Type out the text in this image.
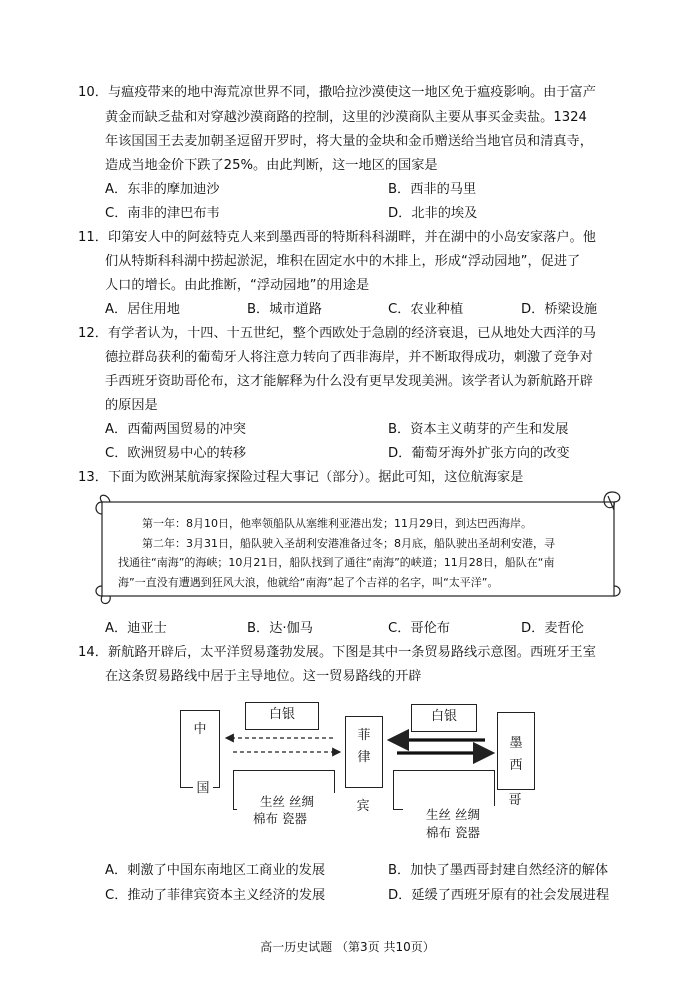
10．与瘟疫带来的地中海荒凉世界不同，撒哈拉沙漠使这一地区免于瘟疫影响。由于富产
黄金而缺乏盐和对穿越沙漠商路的控制，这里的沙漠商队主要从事买金卖盐。1324
年该国国王去麦加朝圣逗留开罗时，将大量的金块和金币赠送给当地官员和清真寺，
造成当地金价下跌了25%。由此判断，这一地区的国家是
A．东非的摩加迪沙	B．西非的马里
C．南非的津巴布韦	D．北非的埃及
11．印第安人中的阿兹特克人来到墨西哥的特斯科科湖畔，并在湖中的小岛安家落户。他
们从特斯科科湖中捞起淤泥，堆积在固定水中的木排上，形成“浮动园地”，促进了
人口的增长。由此推断，“浮动园地”的用途是
A．居住用地	B．城市道路	C．农业种植	D．桥梁设施
12．有学者认为，十四、十五世纪，整个西欧处于急剧的经济衰退，已从地处大西洋的马
德拉群岛获利的葡萄牙人将注意力转向了西非海岸，并不断取得成功，刺激了竞争对
手西班牙资助哥伦布，这才能解释为什么没有更早发现美洲。该学者认为新航路开辟
的原因是
A．西葡两国贸易的冲突	B．资本主义萌芽的产生和发展
C．欧洲贸易中心的转移	D．葡萄牙海外扩张方向的改变
13．下面为欧洲某航海家探险过程大事记（部分）。据此可知，这位航海家是
第一年：8月10日，他率领船队从塞维利亚港出发；11月29日，到达巴西海岸。
第二年：3月31日，船队驶入圣胡利安港准备过冬；8月底，船队驶出圣胡利安港，寻
找通往“南海”的海峡；10月21日，船队找到了通往“南海”的峡道；11月28日，船队在“南
海”一直没有遭遇到狂风大浪，他就给“南海”起了个吉祥的名字，叫“太平洋”。
A．迪亚士	B．达·伽马	C．哥伦布	D．麦哲伦
14．新航路开辟后，太平洋贸易蓬勃发展。下图是其中一条贸易路线示意图。西班牙王室
在这条贸易路线中居于主导地位。这一贸易路线的开辟
中
国
白银
生丝 丝绸
棉布 瓷器
菲
律
宾
白银
生丝 丝绸
棉布 瓷器
墨
西
哥
A．刺激了中国东南地区工商业的发展	B．加快了墨西哥封建自然经济的解体
C．推动了菲律宾资本主义经济的发展	D．延缓了西班牙原有的社会发展进程
高一历史试题 （第3页 共10页）
